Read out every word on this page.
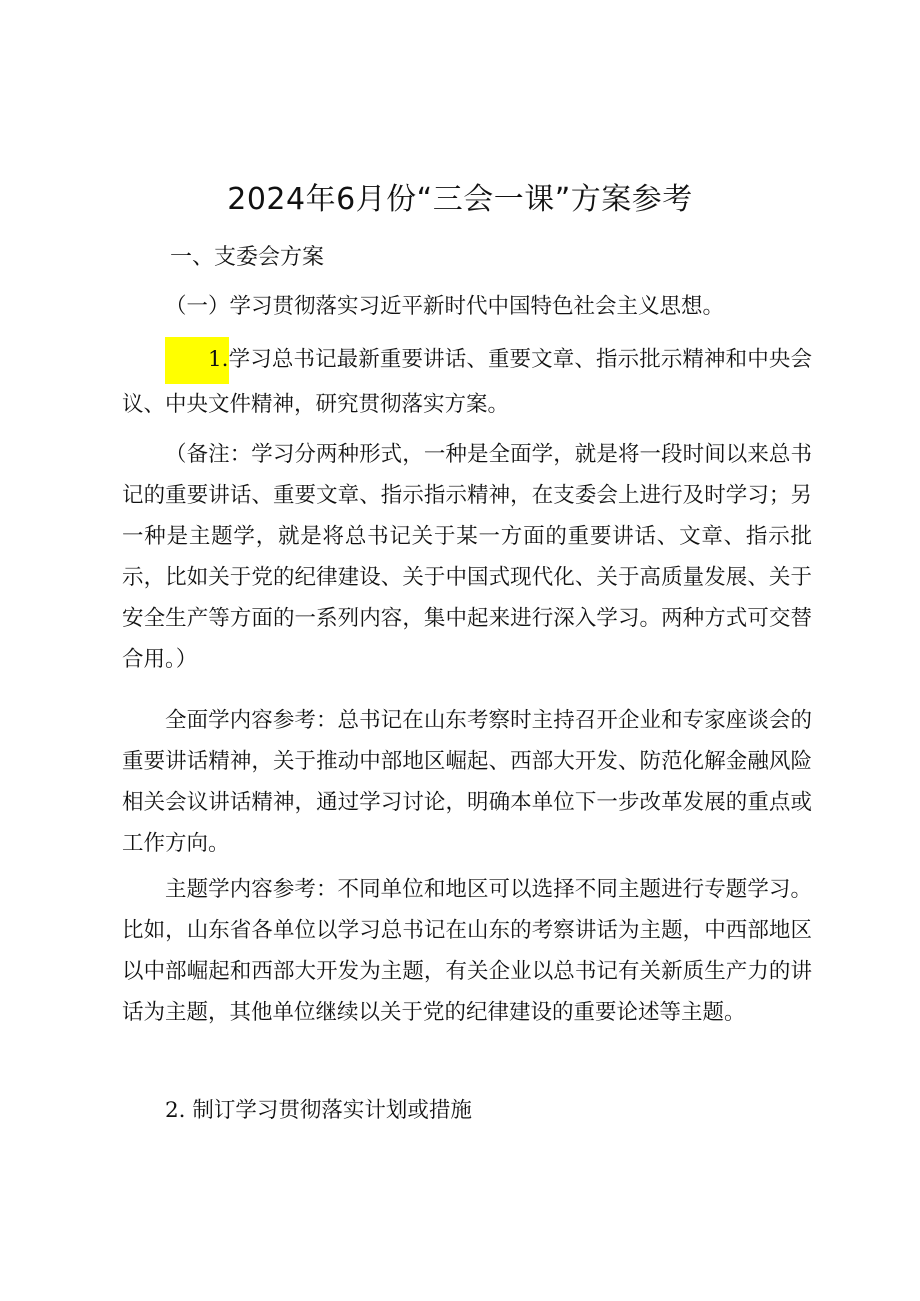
2024年6月份“三会一课”方案参考
一、支委会方案

（一）学习贯彻落实习近平新时代中国特色社会主义思想。

1.学习总书记最新重要讲话、重要文章、指示批示精神和中央会议、中央文件精神，研究贯彻落实方案。

（备注：学习分两种形式，一种是全面学，就是将一段时间以来总书记的重要讲话、重要文章、指示指示精神，在支委会上进行及时学习；另一种是主题学，就是将总书记关于某一方面的重要讲话、文章、指示批示，比如关于党的纪律建设、关于中国式现代化、关于高质量发展、关于安全生产等方面的一系列内容，集中起来进行深入学习。两种方式可交替合用。）

全面学内容参考：总书记在山东考察时主持召开企业和专家座谈会的重要讲话精神，关于推动中部地区崛起、西部大开发、防范化解金融风险相关会议讲话精神，通过学习讨论，明确本单位下一步改革发展的重点或工作方向。

主题学内容参考：不同单位和地区可以选择不同主题进行专题学习。比如，山东省各单位以学习总书记在山东的考察讲话为主题，中西部地区以中部崛起和西部大开发为主题，有关企业以总书记有关新质生产力的讲话为主题，其他单位继续以关于党的纪律建设的重要论述等主题。

2. 制订学习贯彻落实计划或措施
